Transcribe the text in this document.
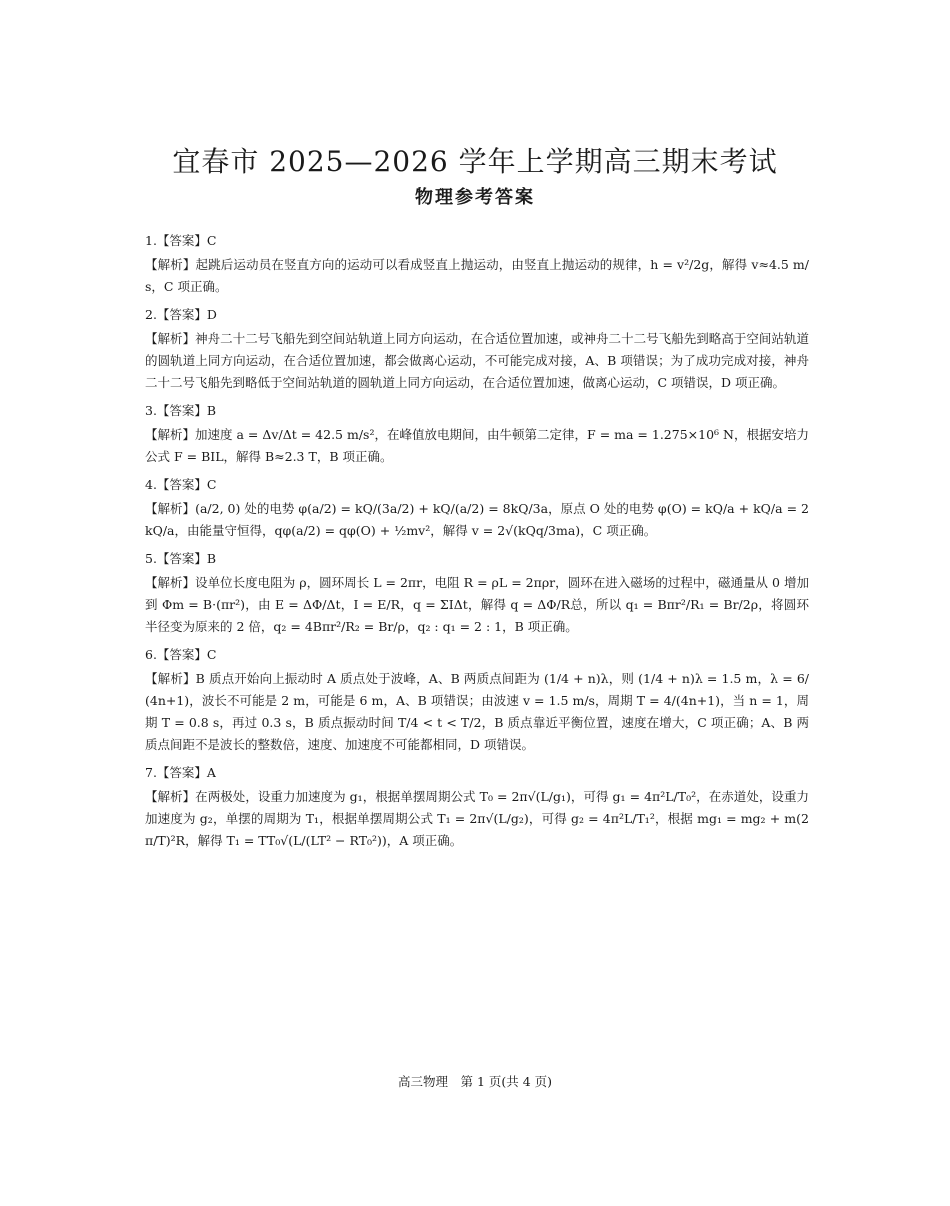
宜春市 2025—2026 学年上学期高三期末考试
物理参考答案

1.【答案】C

【解析】起跳后运动员在竖直方向的运动可以看成竖直上抛运动，由竖直上抛运动的规律，h = v²/2g，解得 v≈4.5 m/s，C 项正确。

2.【答案】D

【解析】神舟二十二号飞船先到空间站轨道上同方向运动，在合适位置加速，或神舟二十二号飞船先到略高于空间站轨道的圆轨道上同方向运动，在合适位置加速，都会做离心运动，不可能完成对接，A、B 项错误；为了成功完成对接，神舟二十二号飞船先到略低于空间站轨道的圆轨道上同方向运动，在合适位置加速，做离心运动，C 项错误，D 项正确。

3.【答案】B

【解析】加速度 a = Δv/Δt = 42.5 m/s²，在峰值放电期间，由牛顿第二定律，F = ma = 1.275×10⁶ N，根据安培力公式 F = BIL，解得 B≈2.3 T，B 项正确。

4.【答案】C

【解析】(a/2, 0) 处的电势 φ(a/2) = kQ/(3a/2) + kQ/(a/2) = 8kQ/3a，原点 O 处的电势 φ(O) = kQ/a + kQ/a = 2kQ/a，由能量守恒得，qφ(a/2) = qφ(O) + ½mv²，解得 v = 2√(kQq/3ma)，C 项正确。

5.【答案】B

【解析】设单位长度电阻为 ρ，圆环周长 L = 2πr，电阻 R = ρL = 2πρr，圆环在进入磁场的过程中，磁通量从 0 增加到 Φm = B·(πr²)，由 E = ΔΦ/Δt，I = E/R，q = ΣIΔt，解得 q = ΔΦ/R总，所以 q₁ = Bπr²/R₁ = Br/2ρ，将圆环半径变为原来的 2 倍，q₂ = 4Bπr²/R₂ = Br/ρ，q₂ : q₁ = 2 : 1，B 项正确。

6.【答案】C

【解析】B 质点开始向上振动时 A 质点处于波峰，A、B 两质点间距为 (1/4 + n)λ，则 (1/4 + n)λ = 1.5 m，λ = 6/(4n+1)，波长不可能是 2 m，可能是 6 m，A、B 项错误；由波速 v = 1.5 m/s，周期 T = 4/(4n+1)，当 n = 1，周期 T = 0.8 s，再过 0.3 s，B 质点振动时间 T/4 < t < T/2，B 质点靠近平衡位置，速度在增大，C 项正确；A、B 两质点间距不是波长的整数倍，速度、加速度不可能都相同，D 项错误。

7.【答案】A

【解析】在两极处，设重力加速度为 g₁，根据单摆周期公式 T₀ = 2π√(L/g₁)，可得 g₁ = 4π²L/T₀²，在赤道处，设重力加速度为 g₂，单摆的周期为 T₁，根据单摆周期公式 T₁ = 2π√(L/g₂)，可得 g₂ = 4π²L/T₁²，根据 mg₁ = mg₂ + m(2π/T)²R，解得 T₁ = TT₀√(L/(LT² − RT₀²))，A 项正确。

高三物理　第 1 页(共 4 页)
